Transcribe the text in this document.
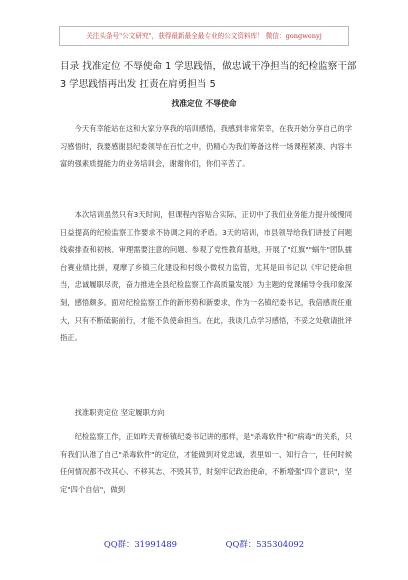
关注头条号"公文研究"，获得最新最全最专业的公文资料库！ 微信：gongwenyj
目录 找准定位 不辱使命 1 学思践悟，做忠诚干净担当的纪检监察干部 3 学思践悟再出发 扛责在肩勇担当 5
找准定位 不辱使命

今天有幸能站在这和大家分享我的培训感悟，我感到非常荣幸，在我开始分享自己的学习感悟时，我要感谢县纪委领导在百忙之中，仍精心为我们筹备这样一场课程紧凑、内容丰富的强素质提能力的业务培训会，谢谢你们，你们辛苦了。

本次培训虽然只有3天时间，但课程内容贴合实际，正切中了我们业务能力提升缓慢同日益提高的纪检监察工作要求不协调之间的矛盾。3天的培训，市县领导给我们讲授了问题线索排查和初核、审理需要注意的问题、参观了党性教育基地，开展了"红旗""蜗牛"团队擂台赛业绩比拼，观摩了乡镇三化建设和村级小微权力监管，尤其是田书记以《牢记使命担当，忠诚履职尽责，奋力推进全县纪检监察工作高质量发展》为主题的党课辅导令我印象深刻，感悟颇多。面对纪检监察工作的新形势和新要求，作为一名镇纪委书记，我倍感责任重大，只有不断砥砺前行，才能不负使命担当。在此，我谈几点学习感悟，不妥之处敬请批评指正。

找准职责定位 坚定履职方向

纪检监察工作，正如昨天青桥镇纪委书记讲的那样，是"杀毒软件"和"病毒"的关系，只有我们认准了自己"杀毒软件"的定位，才能做到对党忠诚，表里如一、知行合一，任何时候任何情况都不改其心、不移其志、不毁其节，时刻牢记政治使命，不断增强"四个意识"，坚定"四个自信"，做到

QQ群：31991489	QQ群：535304092
